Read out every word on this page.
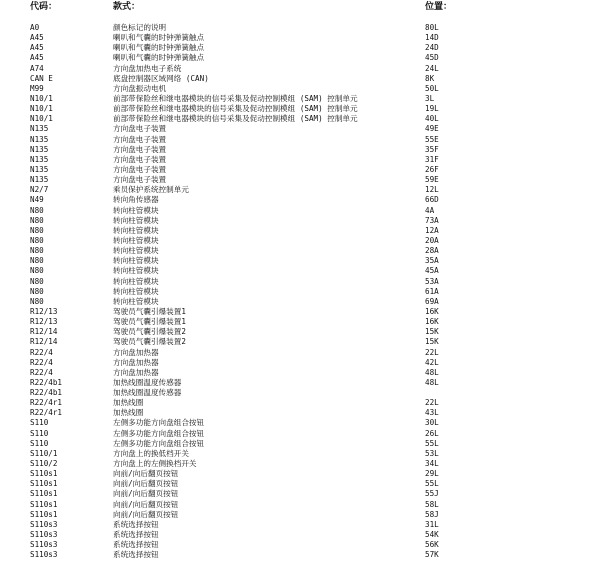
代码：	款式：	位置：
A0	颜色标记的说明	80L
A45	喇叭和气囊的时钟弹簧触点	14D
A45	喇叭和气囊的时钟弹簧触点	24D
A45	喇叭和气囊的时钟弹簧触点	45D
A74	方向盘加热电子系统	24L
CAN E	底盘控制器区域网络 (CAN)	8K
M99	方向盘振动电机	50L
N10/1	前部带保险丝和继电器模块的信号采集及促动控制模组 (SAM) 控制单元	3L
N10/1	前部带保险丝和继电器模块的信号采集及促动控制模组 (SAM) 控制单元	19L
N10/1	前部带保险丝和继电器模块的信号采集及促动控制模组 (SAM) 控制单元	40L
N135	方向盘电子装置	49E
N135	方向盘电子装置	55E
N135	方向盘电子装置	35F
N135	方向盘电子装置	31F
N135	方向盘电子装置	26F
N135	方向盘电子装置	59E
N2/7	乘员保护系统控制单元	12L
N49	转向角传感器	66D
N80	转向柱管模块	4A
N80	转向柱管模块	73A
N80	转向柱管模块	12A
N80	转向柱管模块	20A
N80	转向柱管模块	28A
N80	转向柱管模块	35A
N80	转向柱管模块	45A
N80	转向柱管模块	53A
N80	转向柱管模块	61A
N80	转向柱管模块	69A
R12/13	驾驶员气囊引爆装置1	16K
R12/13	驾驶员气囊引爆装置1	16K
R12/14	驾驶员气囊引爆装置2	15K
R12/14	驾驶员气囊引爆装置2	15K
R22/4	方向盘加热器	22L
R22/4	方向盘加热器	42L
R22/4	方向盘加热器	48L
R22/4b1	加热线圈温度传感器	48L
R22/4b1	加热线圈温度传感器
R22/4r1	加热线圈	22L
R22/4r1	加热线圈	43L
S110	左侧多功能方向盘组合按钮	30L
S110	左侧多功能方向盘组合按钮	26L
S110	左侧多功能方向盘组合按钮	55L
S110/1	方向盘上的换低档开关	53L
S110/2	方向盘上的左侧换档开关	34L
S110s1	向前/向后翻页按钮	29L
S110s1	向前/向后翻页按钮	55L
S110s1	向前/向后翻页按钮	55J
S110s1	向前/向后翻页按钮	58L
S110s1	向前/向后翻页按钮	58J
S110s3	系统选择按钮	31L
S110s3	系统选择按钮	54K
S110s3	系统选择按钮	56K
S110s3	系统选择按钮	57K
